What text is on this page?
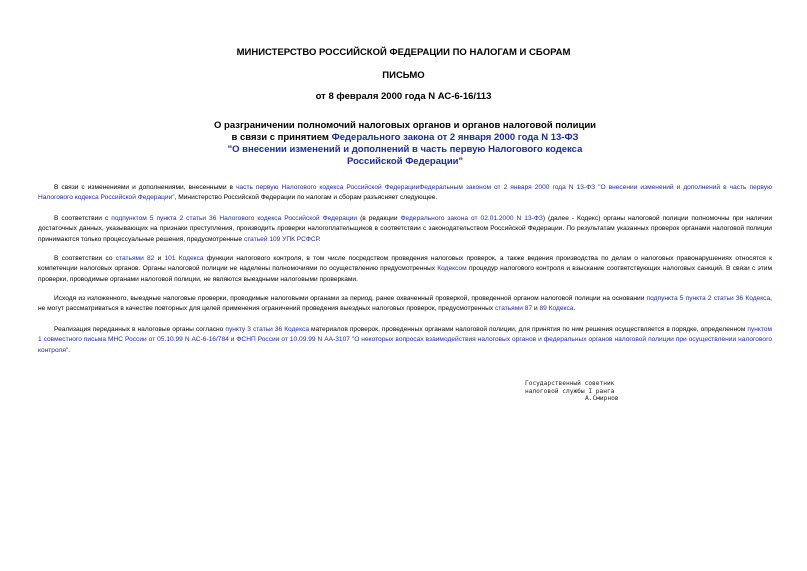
МИНИСТЕРСТВО РОССИЙСКОЙ ФЕДЕРАЦИИ ПО НАЛОГАМ И СБОРАМ
ПИСЬМО
от 8 февраля 2000 года N АС-6-16/113
О разграничении полномочий налоговых органов и органов налоговой полиции
в связи с принятием Федерального закона от 2 января 2000 года N 13-ФЗ
"О внесении изменений и дополнений в часть первую Налогового кодекса
Российской Федерации"
В связи с изменениями и дополнениями, внесенными в часть первую Налогового кодекса Российской ФедерацииФедеральным законом от 2 января 2000 года N 13-ФЗ "О внесении изменений и дополнений в часть первую Налогового кодекса Российской Федерации", Министерство Российской Федерации по налогам и сборам разъясняет следующее.
В соответствии с подпунктом 5 пункта 2 статьи 36 Налогового кодекса Российской Федерации (в редакции Федерального закона от 02.01.2000 N 13-ФЗ) (далее - Кодекс) органы налоговой полиции полномочны при наличии достаточных данных, указывающих на признаки преступления, производить проверки налогоплательщиков в соответствии с законодательством Российской Федерации. По результатам указанных проверок органами налоговой полиции принимаются только процессуальные решения, предусмотренные статьей 109 УПК РСФСР.
В соответствии со статьями 82 и 101 Кодекса функции налогового контроля, в том числе посредством проведения налоговых проверок, а также ведения производства по делам о налоговых правонарушениях относятся к компетенции налоговых органов. Органы налоговой полиции не наделены полномочиями по осуществлению предусмотренных Кодексом процедур налогового контроля и взыскание соответствующих налоговых санкций. В связи с этим проверки, проводимые органами налоговой полиции, не являются выездными налоговыми проверками.
Исходя из изложенного, выездные налоговые проверки, проводимые налоговыми органами за период, ранее охваченный проверкой, проведенной органом налоговой полиции на основании подпункта 5 пункта 2 статьи 36 Кодекса, не могут рассматриваться в качестве повторных для целей применения ограничений проведения выездных налоговых проверок, предусмотренных статьями 87 и 89 Кодекса.
Реализация переданных в налоговые органы согласно пункту 3 статьи 36 Кодекса материалов проверок, проведенных органами налоговой полиции, для принятия по ним решения осуществляется в порядке, определенном пунктом 1 совместного письма МНС России от 05.10.99 N АС-6-16/784 и ФСНП России от 10.09.99 N АА-3107 "О некоторых вопросах взаимодействия налоговых органов и федеральных органов налоговой полиции при осуществлении налогового контроля".
Государственный советник
налоговой службы I ранга
А.Смирнов
